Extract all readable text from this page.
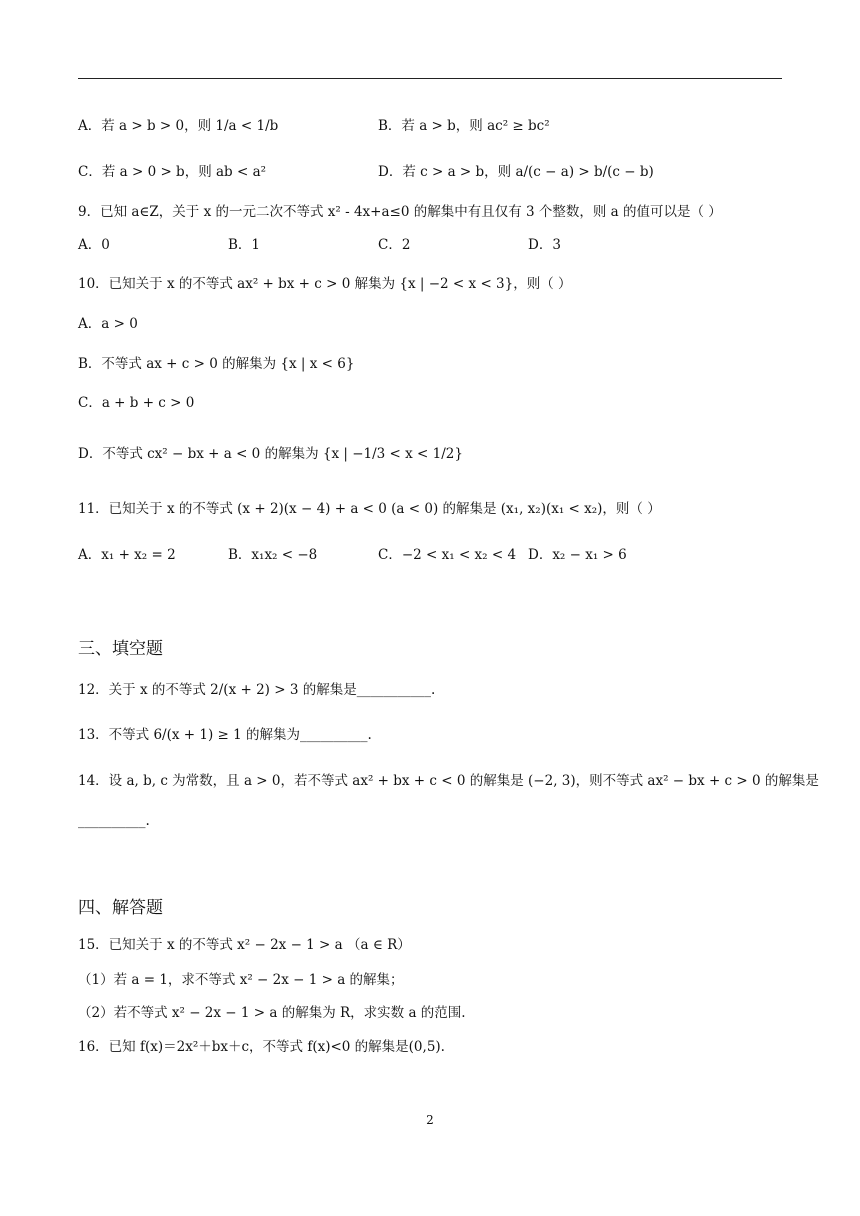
A．若 a > b > 0，则 1/a < 1/b	B．若 a > b，则 ac² ≥ bc²
C．若 a > 0 > b，则 ab < a²	D．若 c > a > b，则 a/(c − a) > b/(c − b)
9．已知 a∈Z，关于 x 的一元二次不等式 x² - 4x+a≤0 的解集中有且仅有 3 个整数，则 a 的值可以是（ ）
A．0	B．1	C．2	D．3
10．已知关于 x 的不等式 ax² + bx + c > 0 解集为 {x | −2 < x < 3}，则（ ）
A．a > 0
B．不等式 ax + c > 0 的解集为 {x | x < 6}
C．a + b + c > 0
D．不等式 cx² − bx + a < 0 的解集为 {x | −1/3 < x < 1/2}
11．已知关于 x 的不等式 (x + 2)(x − 4) + a < 0 (a < 0) 的解集是 (x₁, x₂)(x₁ < x₂)，则（ ）
A．x₁ + x₂ = 2	B．x₁x₂ < −8	C．−2 < x₁ < x₂ < 4 D．x₂ − x₁ > 6
三、填空题
12．关于 x 的不等式 2/(x + 2) > 3 的解集是___________.
13．不等式 6/(x + 1) ≥ 1 的解集为__________.
14．设 a, b, c 为常数，且 a > 0，若不等式 ax² + bx + c < 0 的解集是 (−2, 3)，则不等式 ax² − bx + c > 0 的解集是
__________.
四、解答题
15．已知关于 x 的不等式 x² − 2x − 1 > a （a ∈ R）
（1）若 a = 1，求不等式 x² − 2x − 1 > a 的解集；
（2）若不等式 x² − 2x − 1 > a 的解集为 R，求实数 a 的范围.
16．已知 f(x)＝2x²＋bx＋c，不等式 f(x)<0 的解集是(0,5).
2
